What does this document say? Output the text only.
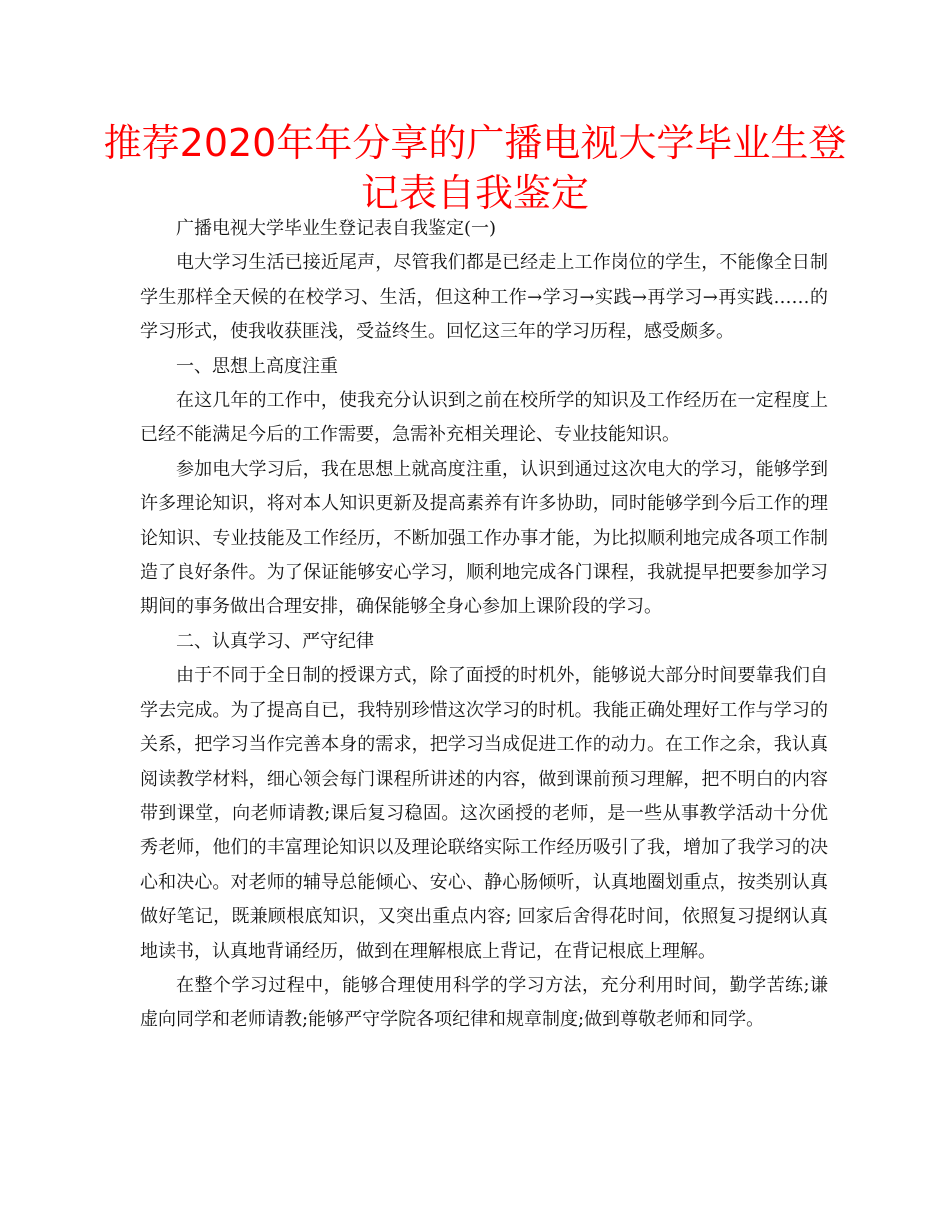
推荐2020年年分享的广播电视大学毕业生登记表自我鉴定

广播电视大学毕业生登记表自我鉴定(一)

电大学习生活已接近尾声，尽管我们都是已经走上工作岗位的学生，不能像全日制学生那样全天候的在校学习、生活，但这种工作→学习→实践→再学习→再实践……的学习形式，使我收获匪浅，受益终生。回忆这三年的学习历程，感受颇多。

一、思想上高度注重

在这几年的工作中，使我充分认识到之前在校所学的知识及工作经历在一定程度上已经不能满足今后的工作需要，急需补充相关理论、专业技能知识。

参加电大学习后，我在思想上就高度注重，认识到通过这次电大的学习，能够学到许多理论知识，将对本人知识更新及提高素养有许多协助，同时能够学到今后工作的理论知识、专业技能及工作经历，不断加强工作办事才能，为比拟顺利地完成各项工作制造了良好条件。为了保证能够安心学习，顺利地完成各门课程，我就提早把要参加学习期间的事务做出合理安排，确保能够全身心参加上课阶段的学习。

二、认真学习、严守纪律

由于不同于全日制的授课方式，除了面授的时机外，能够说大部分时间要靠我们自学去完成。为了提高自已，我特别珍惜这次学习的时机。我能正确处理好工作与学习的关系，把学习当作完善本身的需求，把学习当成促进工作的动力。在工作之余，我认真阅读教学材料，细心领会每门课程所讲述的内容，做到课前预习理解，把不明白的内容带到课堂，向老师请教;课后复习稳固。这次函授的老师，是一些从事教学活动十分优秀老师，他们的丰富理论知识以及理论联络实际工作经历吸引了我，增加了我学习的决心和决心。对老师的辅导总能倾心、安心、静心肠倾听，认真地圈划重点，按类别认真做好笔记，既兼顾根底知识，又突出重点内容; 回家后舍得花时间，依照复习提纲认真地读书，认真地背诵经历，做到在理解根底上背记，在背记根底上理解。

在整个学习过程中，能够合理使用科学的学习方法，充分利用时间，勤学苦练;谦虚向同学和老师请教;能够严守学院各项纪律和规章制度;做到尊敬老师和同学。
